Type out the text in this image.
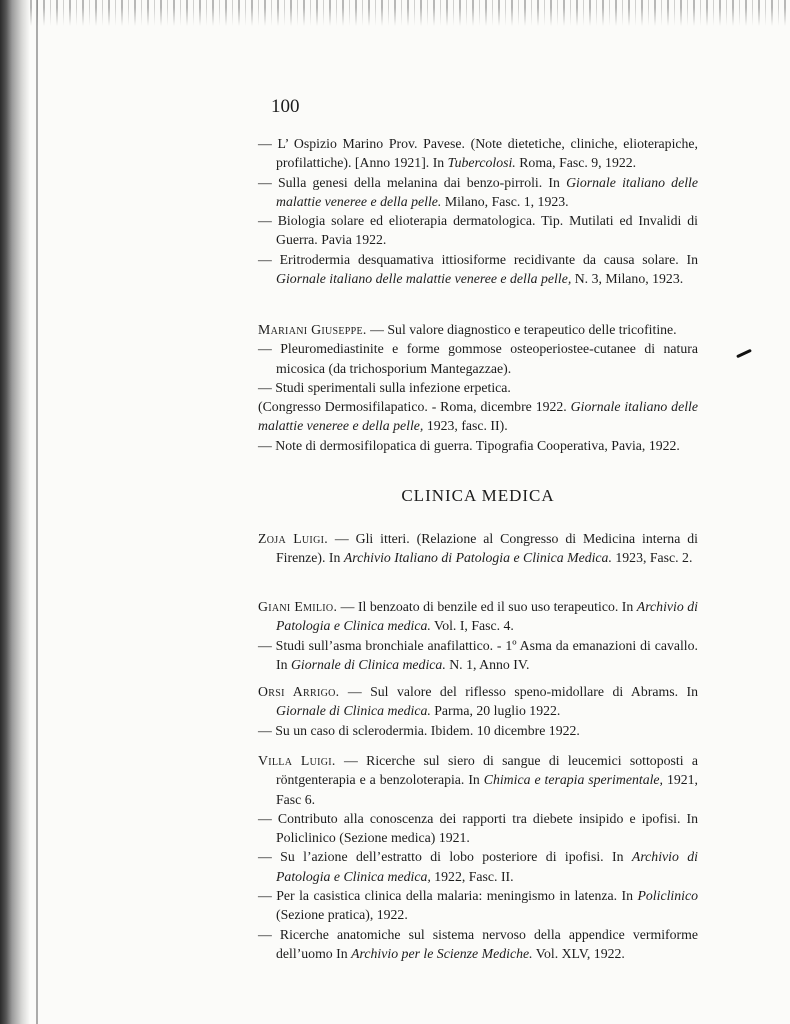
100

— L’ Ospizio Marino Prov. Pavese. (Note dietetiche, cliniche, elioterapiche, profilattiche). [Anno 1921]. In Tubercolosi. Roma, Fasc. 9, 1922.

— Sulla genesi della melanina dai benzo-pirroli. In Giornale italiano delle malattie veneree e della pelle. Milano, Fasc. 1, 1923.

— Biologia solare ed elioterapia dermatologica. Tip. Mutilati ed Invalidi di Guerra. Pavia 1922.

— Eritrodermia desquamativa ittiosiforme recidivante da causa solare. In Giornale italiano delle malattie veneree e della pelle, N. 3, Milano, 1923.

Mariani Giuseppe. — Sul valore diagnostico e terapeutico delle tricofitine.

— Pleuromediastinite e forme gommose osteoperiostee-cutanee di natura micosica (da trichosporium Mantegazzae).

— Studi sperimentali sulla infezione erpetica.

(Congresso Dermosifilapatico. - Roma, dicembre 1922. Giornale italiano delle malattie veneree e della pelle, 1923, fasc. II).

— Note di dermosifilopatica di guerra. Tipografia Cooperativa, Pavia, 1922.

CLINICA MEDICA

Zoja Luigi. — Gli itteri. (Relazione al Congresso di Medicina interna di Firenze). In Archivio Italiano di Patologia e Clinica Medica. 1923, Fasc. 2.

Giani Emilio. — Il benzoato di benzile ed il suo uso terapeutico. In Archivio di Patologia e Clinica medica. Vol. I, Fasc. 4.

— Studi sull’asma bronchiale anafilattico. - 1º Asma da emanazioni di cavallo. In Giornale di Clinica medica. N. 1, Anno IV.

Orsi Arrigo. — Sul valore del riflesso speno-midollare di Abrams. In Giornale di Clinica medica. Parma, 20 luglio 1922.

— Su un caso di sclerodermia. Ibidem. 10 dicembre 1922.

Villa Luigi. — Ricerche sul siero di sangue di leucemici sottoposti a röntgenterapia e a benzoloterapia. In Chimica e terapia sperimentale, 1921, Fasc 6.

— Contributo alla conoscenza dei rapporti tra diebete insipido e ipofisi. In Policlinico (Sezione medica) 1921.

— Su l’azione dell’estratto di lobo posteriore di ipofisi. In Archivio di Patologia e Clinica medica, 1922, Fasc. II.

— Per la casistica clinica della malaria: meningismo in latenza. In Policlinico (Sezione pratica), 1922.

— Ricerche anatomiche sul sistema nervoso della appendice vermiforme dell’uomo In Archivio per le Scienze Mediche. Vol. XLV, 1922.
